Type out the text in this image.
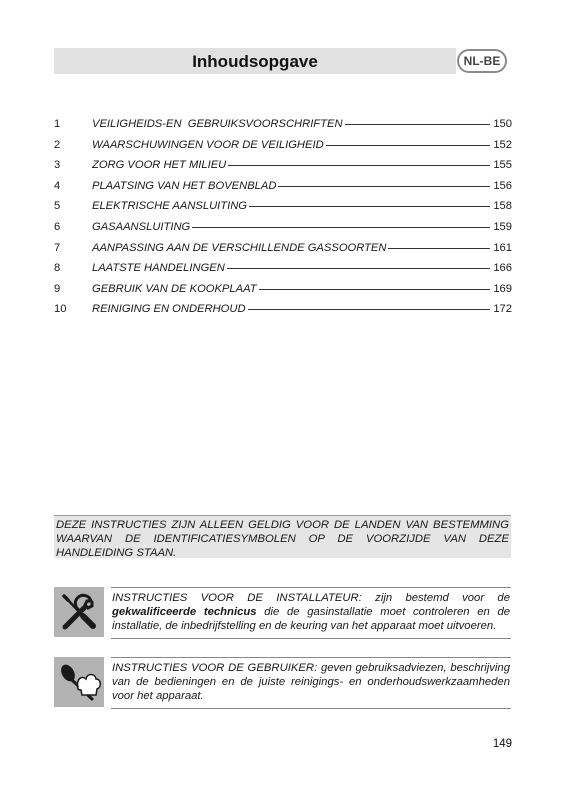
Inhoudsopgave	NL-BE
1	VEILIGHEIDS-EN  GEBRUIKSVOORSCHRIFTEN	150
2	WAARSCHUWINGEN VOOR DE VEILIGHEID	152
3	ZORG VOOR HET MILIEU	155
4	PLAATSING VAN HET BOVENBLAD	156
5	ELEKTRISCHE AANSLUITING	158
6	GASAANSLUITING	159
7	AANPASSING AAN DE VERSCHILLENDE GASSOORTEN	161
8	LAATSTE HANDELINGEN	166
9	GEBRUIK VAN DE KOOKPLAAT	169
10	REINIGING EN ONDERHOUD	172
DEZE INSTRUCTIES ZIJN ALLEEN GELDIG VOOR DE LANDEN VAN BESTEMMING WAARVAN DE IDENTIFICATIESYMBOLEN OP DE VOORZIJDE VAN DEZE HANDLEIDING STAAN.
INSTRUCTIES VOOR DE INSTALLATEUR: zijn bestemd voor de gekwalificeerde technicus die de gasinstallatie moet controleren en de installatie, de inbedrijfstelling en de keuring van het apparaat moet uitvoeren.
INSTRUCTIES VOOR DE GEBRUIKER: geven gebruiksadviezen, beschrijving van de bedieningen en de juiste reinigings- en onderhoudswerkzaamheden voor het apparaat.
149
